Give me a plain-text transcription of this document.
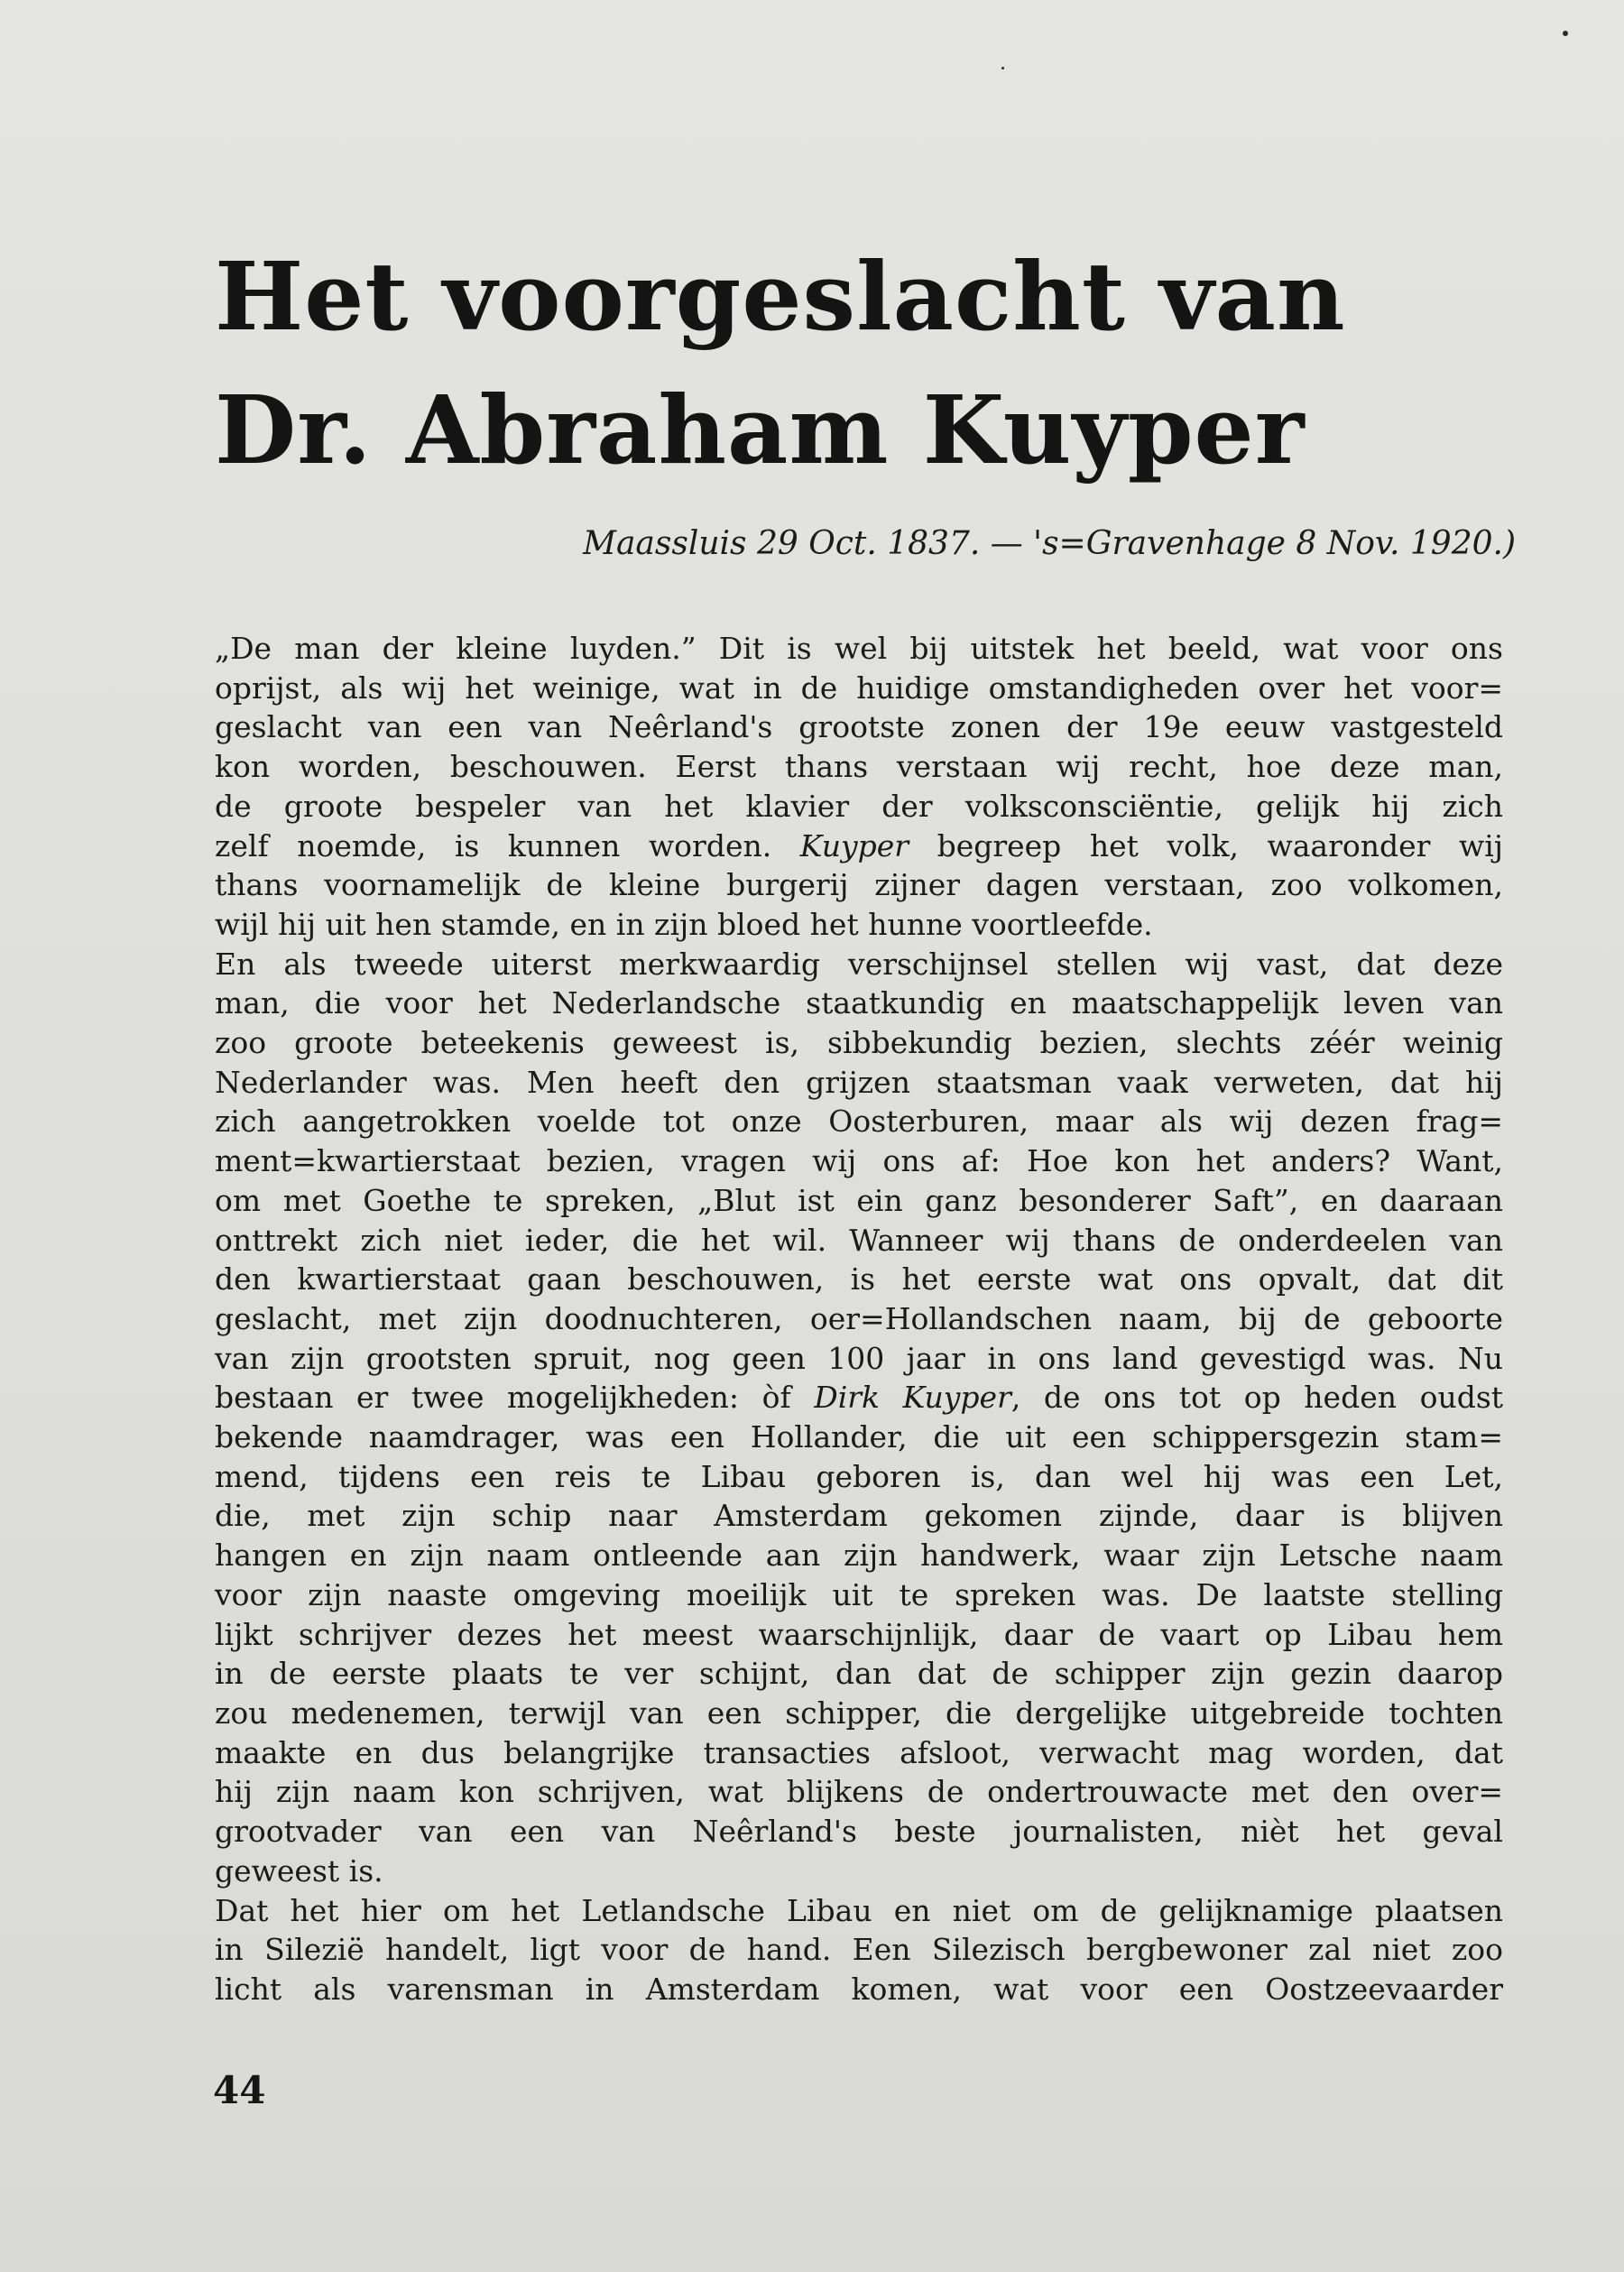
Het voorgeslacht van
Dr. Abraham Kuyper

Maassluis 29 Oct. 1837. — 's=Gravenhage 8 Nov. 1920.)

„De man der kleine luyden.” Dit is wel bij uitstek het beeld, wat voor ons
oprijst, als wij het weinige, wat in de huidige omstandigheden over het voor=
geslacht van een van Neêrland's grootste zonen der 19e eeuw vastgesteld
kon worden, beschouwen. Eerst thans verstaan wij recht, hoe deze man,
de groote bespeler van het klavier der volksconsciëntie, gelijk hij zich
zelf noemde, is kunnen worden. Kuyper begreep het volk, waaronder wij
thans voornamelijk de kleine burgerij zijner dagen verstaan, zoo volkomen,
wijl hij uit hen stamde, en in zijn bloed het hunne voortleefde.
En als tweede uiterst merkwaardig verschijnsel stellen wij vast, dat deze
man, die voor het Nederlandsche staatkundig en maatschappelijk leven van
zoo groote beteekenis geweest is, sibbekundig bezien, slechts zéér weinig
Nederlander was. Men heeft den grijzen staatsman vaak verweten, dat hij
zich aangetrokken voelde tot onze Oosterburen, maar als wij dezen frag=
ment=kwartierstaat bezien, vragen wij ons af: Hoe kon het anders? Want,
om met Goethe te spreken, „Blut ist ein ganz besonderer Saft”, en daaraan
onttrekt zich niet ieder, die het wil. Wanneer wij thans de onderdeelen van
den kwartierstaat gaan beschouwen, is het eerste wat ons opvalt, dat dit
geslacht, met zijn doodnuchteren, oer=Hollandschen naam, bij de geboorte
van zijn grootsten spruit, nog geen 100 jaar in ons land gevestigd was. Nu
bestaan er twee mogelijkheden: òf Dirk Kuyper, de ons tot op heden oudst
bekende naamdrager, was een Hollander, die uit een schippersgezin stam=
mend, tijdens een reis te Libau geboren is, dan wel hij was een Let,
die, met zijn schip naar Amsterdam gekomen zijnde, daar is blijven
hangen en zijn naam ontleende aan zijn handwerk, waar zijn Letsche naam
voor zijn naaste omgeving moeilijk uit te spreken was. De laatste stelling
lijkt schrijver dezes het meest waarschijnlijk, daar de vaart op Libau hem
in de eerste plaats te ver schijnt, dan dat de schipper zijn gezin daarop
zou medenemen, terwijl van een schipper, die dergelijke uitgebreide tochten
maakte en dus belangrijke transacties afsloot, verwacht mag worden, dat
hij zijn naam kon schrijven, wat blijkens de ondertrouwacte met den over=
grootvader van een van Neêrland's beste journalisten, nièt het geval
geweest is.
Dat het hier om het Letlandsche Libau en niet om de gelijknamige plaatsen
in Silezië handelt, ligt voor de hand. Een Silezisch bergbewoner zal niet zoo
licht als varensman in Amsterdam komen, wat voor een Oostzeevaarder

44
